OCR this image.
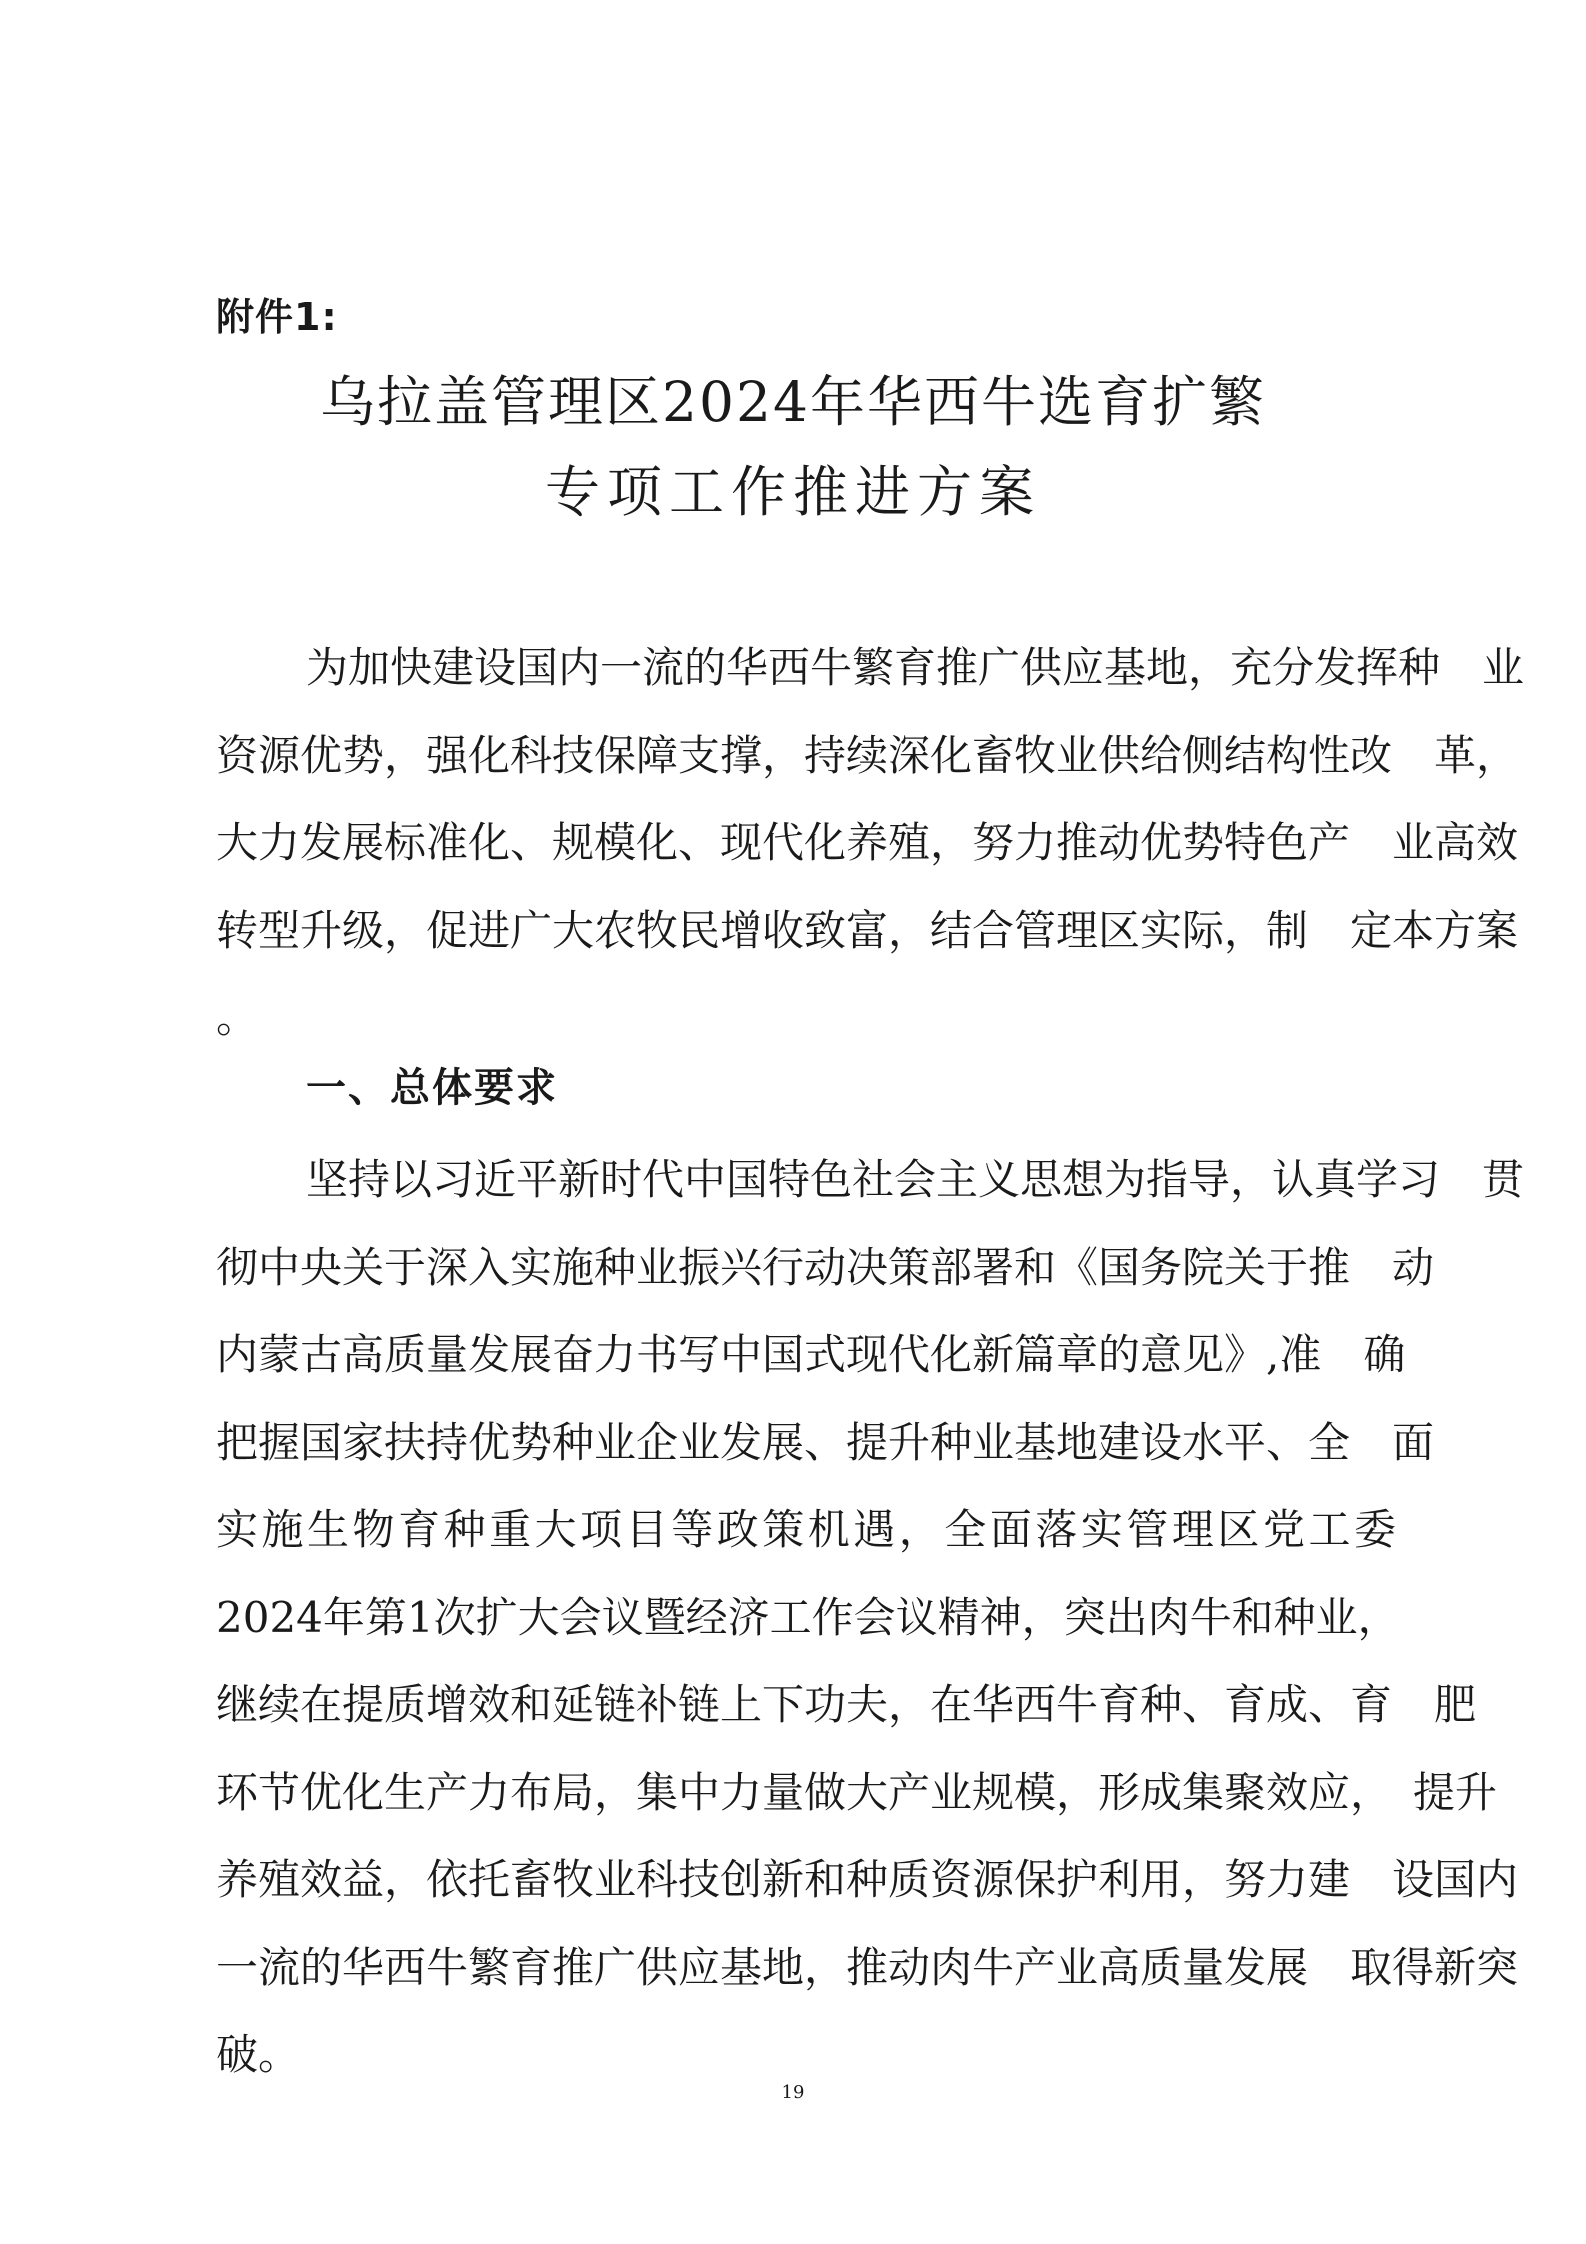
附件1:

乌拉盖管理区2024年华西牛选育扩繁
专项工作推进方案
为加快建设国内一流的华西牛繁育推广供应基地，充分发挥种　业
资源优势，强化科技保障支撑，持续深化畜牧业供给侧结构性改　革，
大力发展标准化、规模化、现代化养殖，努力推动优势特色产　业高效
转型升级，促进广大农牧民增收致富，结合管理区实际，制　定本方案
。
一、总体要求
坚持以习近平新时代中国特色社会主义思想为指导，认真学习　贯
彻中央关于深入实施种业振兴行动决策部署和《国务院关于推　动
内蒙古高质量发展奋力书写中国式现代化新篇章的意见》,准　确
把握国家扶持优势种业企业发展、提升种业基地建设水平、全　面
实施生物育种重大项目等政策机遇，全面落实管理区党工委
2024年第1次扩大会议暨经济工作会议精神，突出肉牛和种业，
继续在提质增效和延链补链上下功夫，在华西牛育种、育成、育　肥
环节优化生产力布局，集中力量做大产业规模，形成集聚效应，　提升
养殖效益，依托畜牧业科技创新和种质资源保护利用，努力建　设国内
一流的华西牛繁育推广供应基地，推动肉牛产业高质量发展　取得新突
破。

19
